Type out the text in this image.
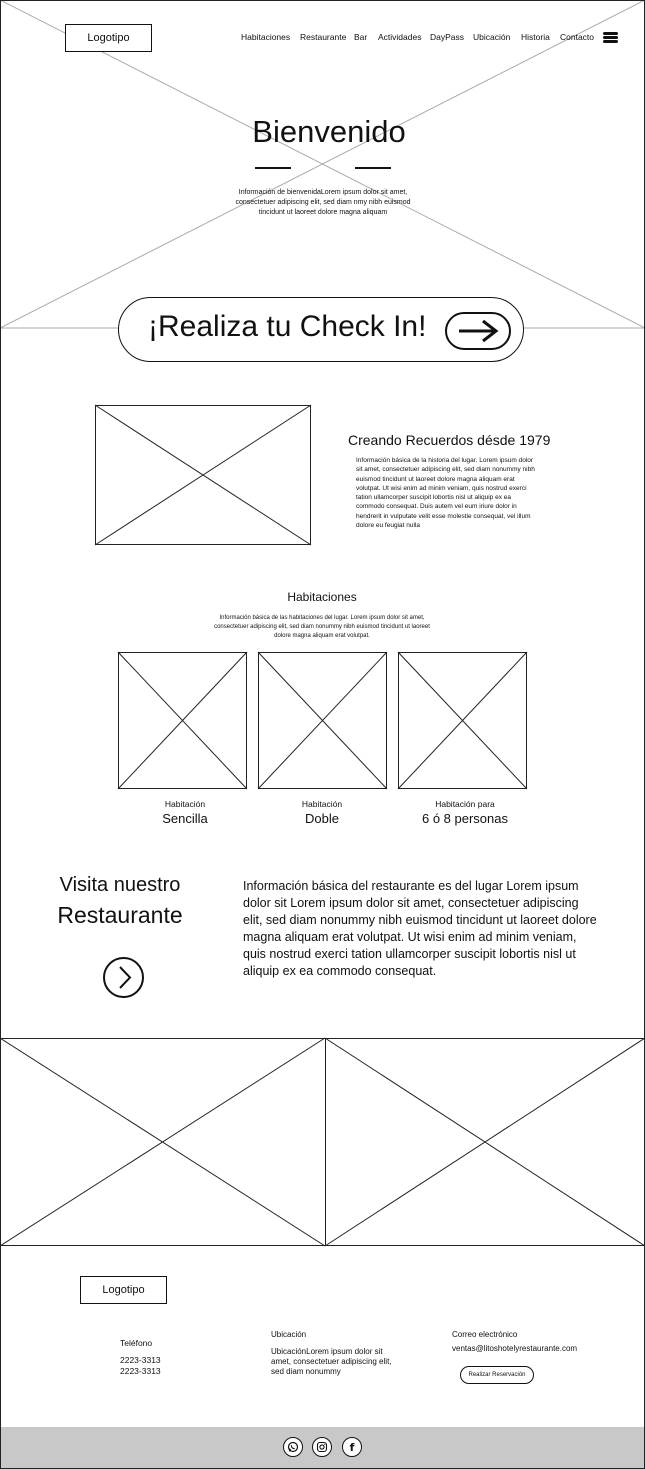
Logotipo	Habitaciones Restaurante Bar Actividades DayPass Ubicación Historia Contacto
Bienvenido
Información de bienvenidaLorem ipsum dolor sit amet, consectetuer adipiscing elit, sed diam nmy nibh euismod tincidunt ut laoreet dolore magna aliquam
¡Realiza tu Check In!
Creando Recuerdos désde 1979
Información básica de la historia del lugar. Lorem ipsum dolor sit amet, consectetuer adipiscing elit, sed diam nonummy nibh euismod tincidunt ut laoreet dolore magna aliquam erat volutpat. Ut wisi enim ad minim veniam, quis nostrud exerci tation ullamcorper suscipit lobortis nisl ut aliquip ex ea commodo consequat. Duis autem vel eum iriure dolor in hendrerit in vulputate velit esse molestie consequat, vel illum dolore eu feugiat nulla
Habitaciones
Información básica de las habitaciones del lugar. Lorem ipsum dolor sit amet, consectetuer adipiscing elit, sed diam nonummy nibh euismod tincidunt ut laoreet dolore magna aliquam erat volutpat.
Habitación
Sencilla
Habitación
Doble
Habitación para
6 ó 8 personas
Visita nuestro
Restaurante
Información básica del restaurante es del lugar Lorem ipsum dolor sit Lorem ipsum dolor sit amet, consectetuer adipiscing elit, sed diam nonummy nibh euismod tincidunt ut laoreet dolore magna aliquam erat volutpat. Ut wisi enim ad minim veniam, quis nostrud exerci tation ullamcorper suscipit lobortis nisl ut aliquip ex ea commodo consequat.
Logotipo
Teléfono
2223-3313
2223-3313
Ubicación
UbicaciónLorem ipsum dolor sit amet, consectetuer adipiscing elit, sed diam nonummy
Correo electrónico
ventas@litoshotelyrestaurante.com
Realizar Reservación
f
